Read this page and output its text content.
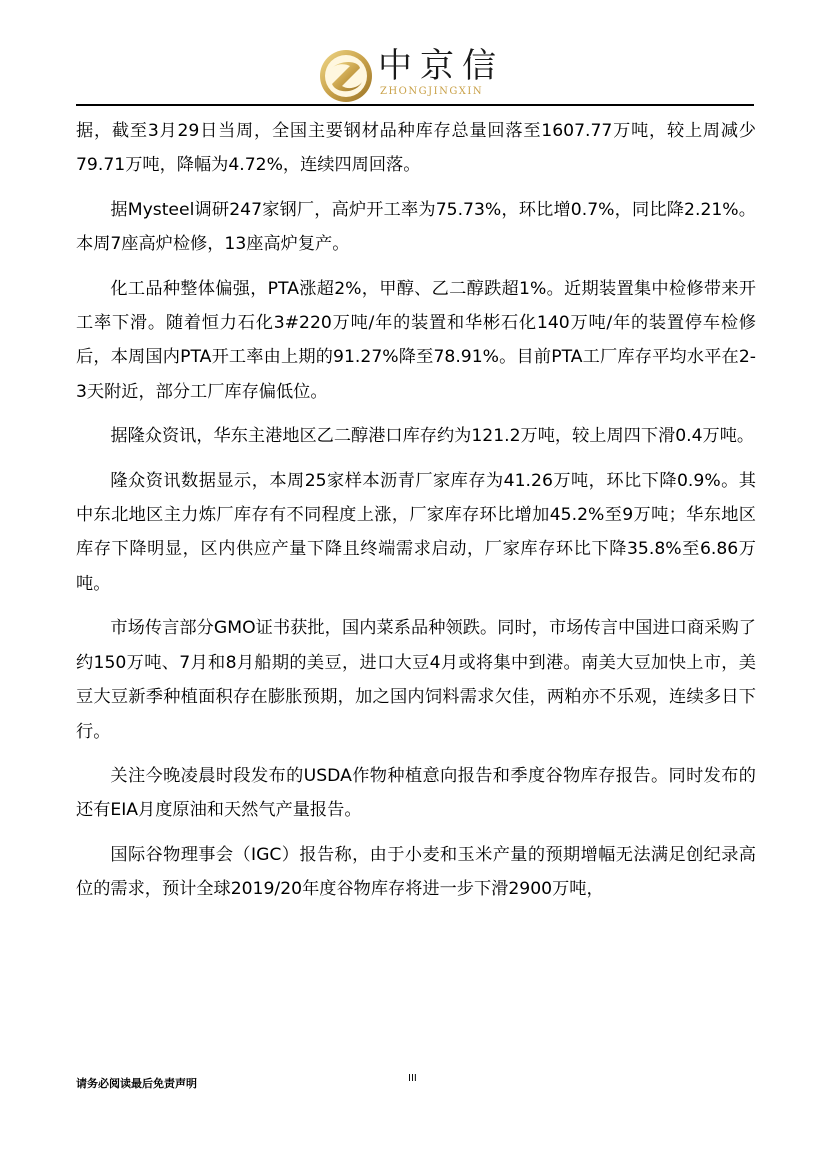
中京信
ZHONGJINGXIN

据，截至3月29日当周，全国主要钢材品种库存总量回落至1607.77万吨，较上周减少79.71万吨，降幅为4.72%，连续四周回落。

据Mysteel调研247家钢厂，高炉开工率为75.73%，环比增0.7%，同比降2.21%。本周7座高炉检修，13座高炉复产。

化工品种整体偏强，PTA涨超2%，甲醇、乙二醇跌超1%。近期装置集中检修带来开工率下滑。随着恒力石化3#220万吨/年的装置和华彬石化140万吨/年的装置停车检修后，本周国内PTA开工率由上期的91.27%降至78.91%。目前PTA工厂库存平均水平在2-3天附近，部分工厂库存偏低位。

据隆众资讯，华东主港地区乙二醇港口库存约为121.2万吨，较上周四下滑0.4万吨。

隆众资讯数据显示，本周25家样本沥青厂家库存为41.26万吨，环比下降0.9%。其中东北地区主力炼厂库存有不同程度上涨，厂家库存环比增加45.2%至9万吨；华东地区库存下降明显，区内供应产量下降且终端需求启动，厂家库存环比下降35.8%至6.86万吨。

市场传言部分GMO证书获批，国内菜系品种领跌。同时，市场传言中国进口商采购了约150万吨、7月和8月船期的美豆，进口大豆4月或将集中到港。南美大豆加快上市，美豆大豆新季种植面积存在膨胀预期，加之国内饲料需求欠佳，两粕亦不乐观，连续多日下行。

关注今晚凌晨时段发布的USDA作物种植意向报告和季度谷物库存报告。同时发布的还有EIA月度原油和天然气产量报告。

国际谷物理事会（IGC）报告称，由于小麦和玉米产量的预期增幅无法满足创纪录高位的需求，预计全球2019/20年度谷物库存将进一步下滑2900万吨，

请务必阅读最后免责声明	III
